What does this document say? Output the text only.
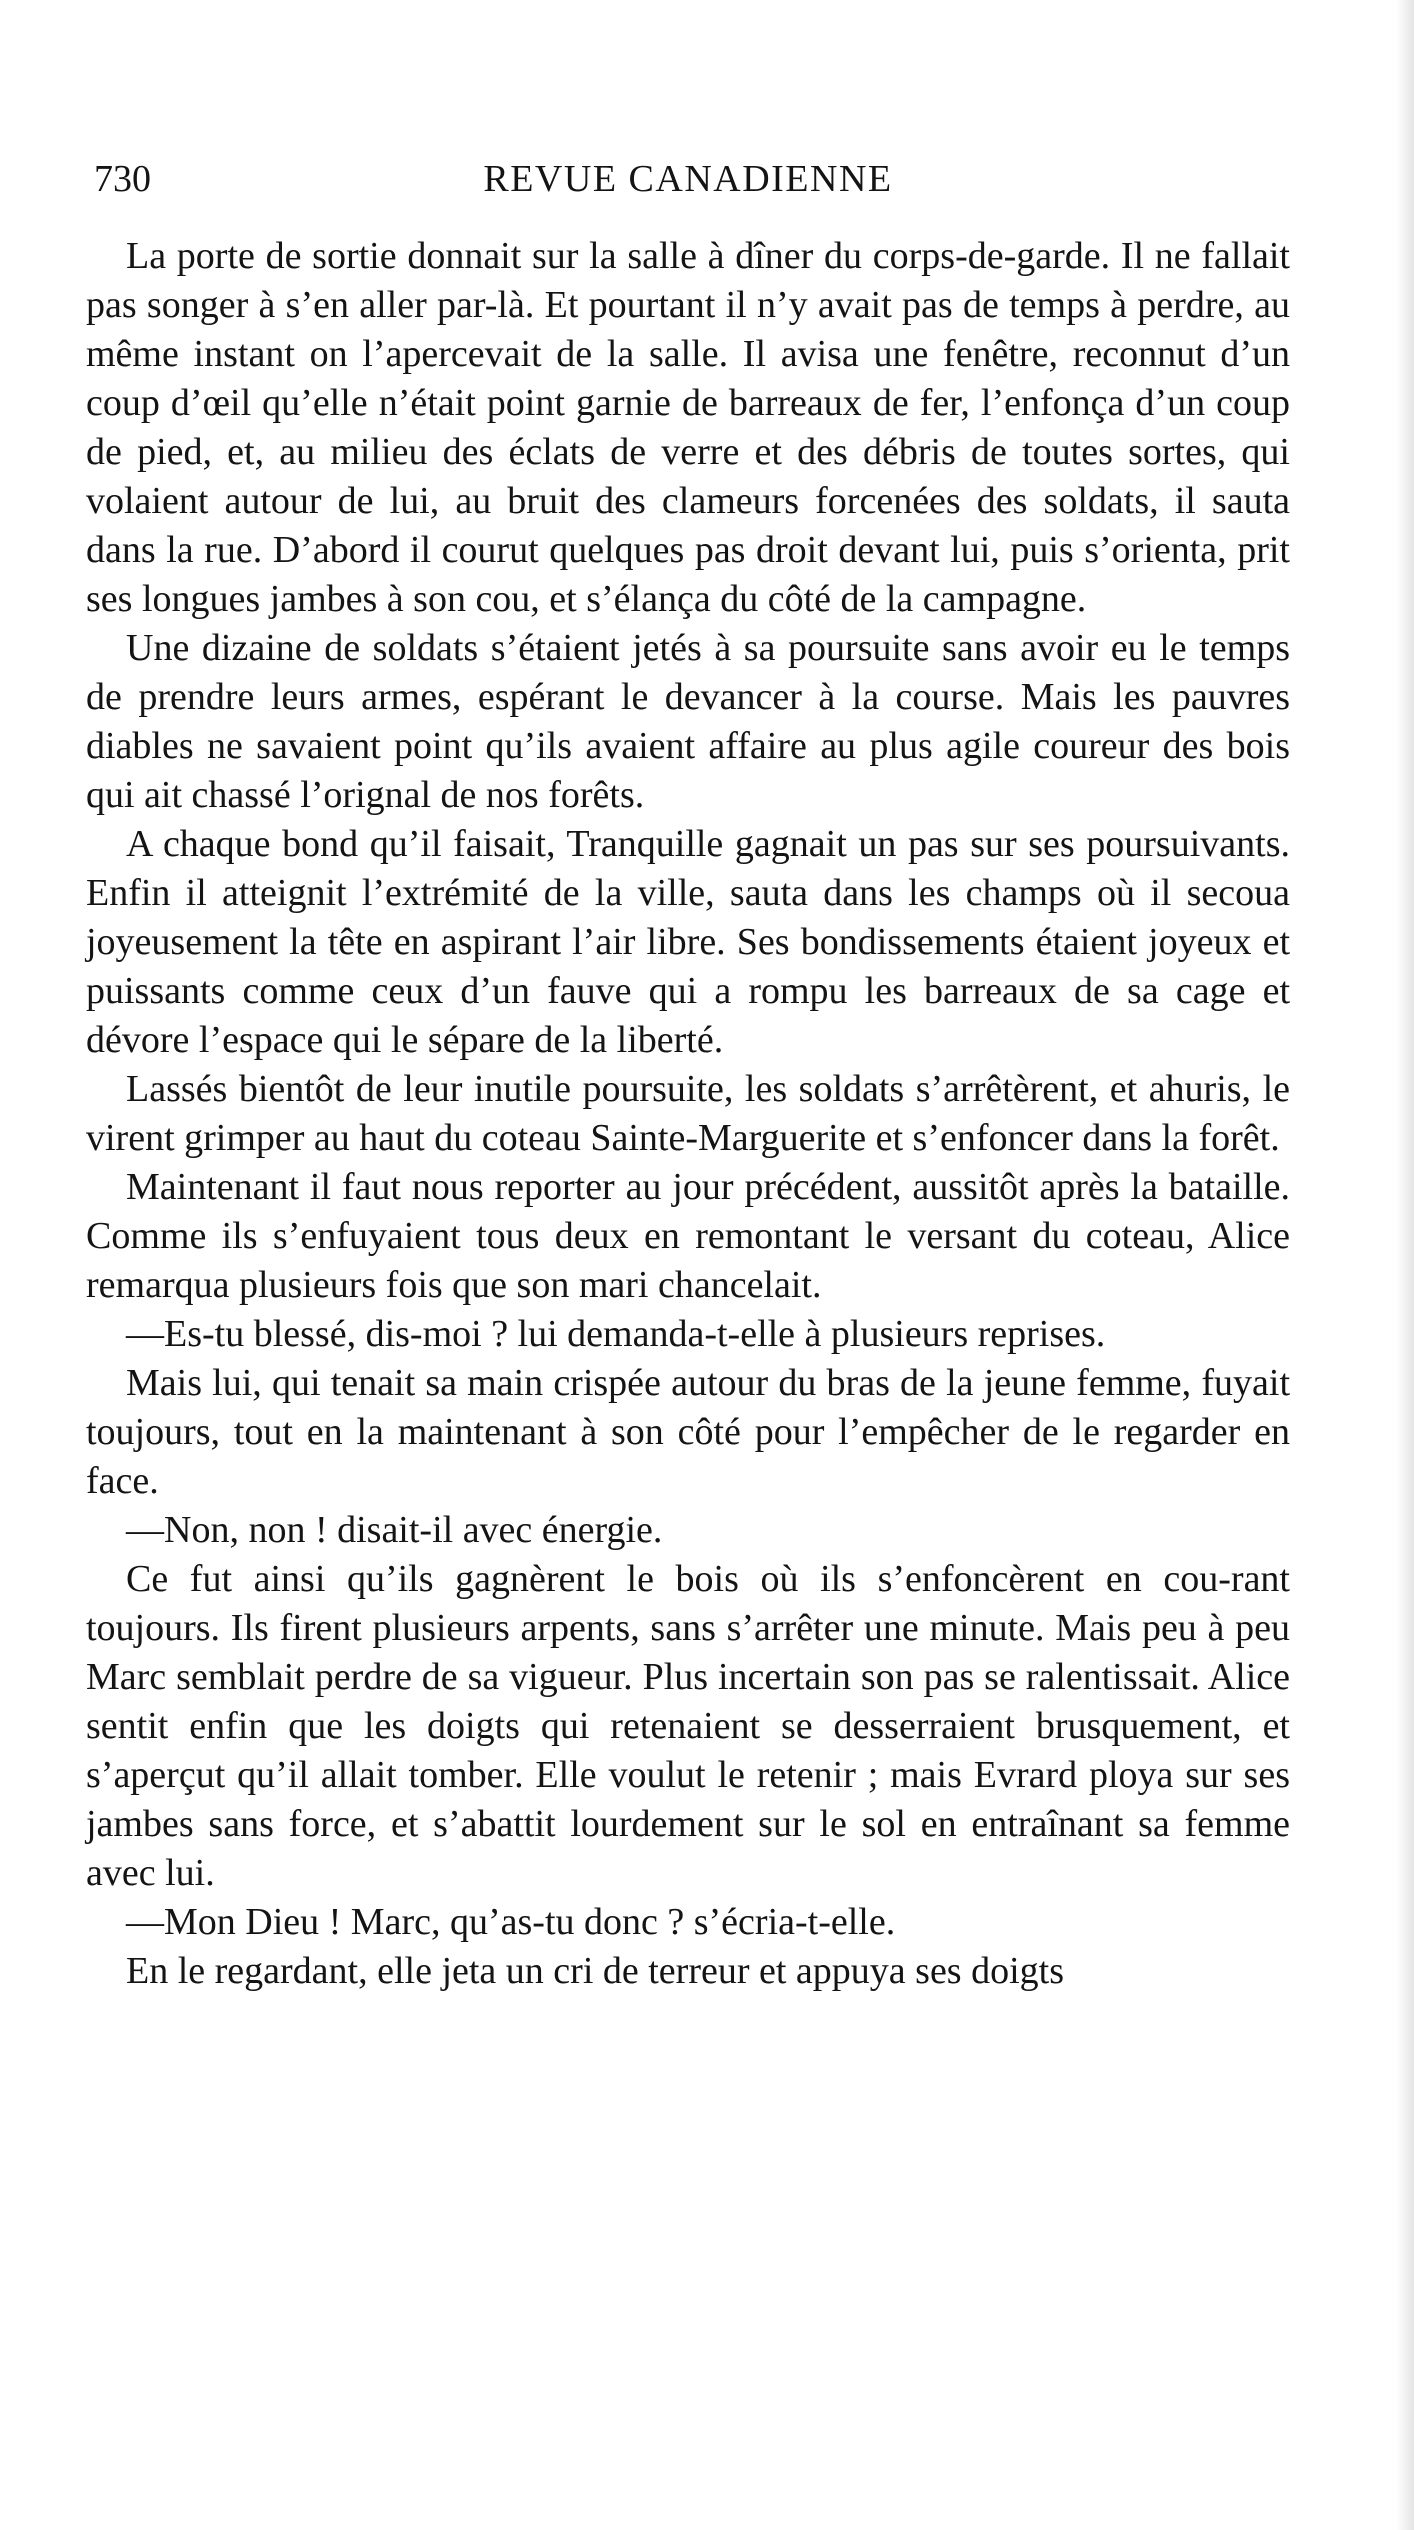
730	REVUE CANADIENNE

La porte de sortie donnait sur la salle à dîner du corps-de-garde. Il ne fallait pas songer à s’en aller par-là. Et pourtant il n’y avait pas de temps à perdre, au même instant on l’apercevait de la salle. Il avisa une fenêtre, reconnut d’un coup d’œil qu’elle n’était point garnie de barreaux de fer, l’enfonça d’un coup de pied, et, au milieu des éclats de verre et des débris de toutes sortes, qui volaient autour de lui, au bruit des clameurs forcenées des soldats, il sauta dans la rue. D’abord il courut quelques pas droit devant lui, puis s’orienta, prit ses longues jambes à son cou, et s’élança du côté de la campagne.

Une dizaine de soldats s’étaient jetés à sa poursuite sans avoir eu le temps de prendre leurs armes, espérant le devancer à la course. Mais les pauvres diables ne savaient point qu’ils avaient affaire au plus agile coureur des bois qui ait chassé l’orignal de nos forêts.

A chaque bond qu’il faisait, Tranquille gagnait un pas sur ses poursuivants. Enfin il atteignit l’extrémité de la ville, sauta dans les champs où il secoua joyeusement la tête en aspirant l’air libre. Ses bondissements étaient joyeux et puissants comme ceux d’un fauve qui a rompu les barreaux de sa cage et dévore l’espace qui le sépare de la liberté.

Lassés bientôt de leur inutile poursuite, les soldats s’arrêtèrent, et ahuris, le virent grimper au haut du coteau Sainte-Marguerite et s’enfoncer dans la forêt.

Maintenant il faut nous reporter au jour précédent, aussitôt après la bataille. Comme ils s’enfuyaient tous deux en remontant le versant du coteau, Alice remarqua plusieurs fois que son mari chancelait.

—Es-tu blessé, dis-moi ? lui demanda-t-elle à plusieurs reprises.

Mais lui, qui tenait sa main crispée autour du bras de la jeune femme, fuyait toujours, tout en la maintenant à son côté pour l’empêcher de le regarder en face.

—Non, non ! disait-il avec énergie.

Ce fut ainsi qu’ils gagnèrent le bois où ils s’enfoncèrent en cou-rant toujours. Ils firent plusieurs arpents, sans s’arrêter une minute. Mais peu à peu Marc semblait perdre de sa vigueur. Plus incertain son pas se ralentissait. Alice sentit enfin que les doigts qui retenaient se desserraient brusquement, et s’aperçut qu’il allait tomber. Elle voulut le retenir ; mais Evrard ploya sur ses jambes sans force, et s’abattit lourdement sur le sol en entraînant sa femme avec lui.

—Mon Dieu ! Marc, qu’as-tu donc ? s’écria-t-elle.

En le regardant, elle jeta un cri de terreur et appuya ses doigts
